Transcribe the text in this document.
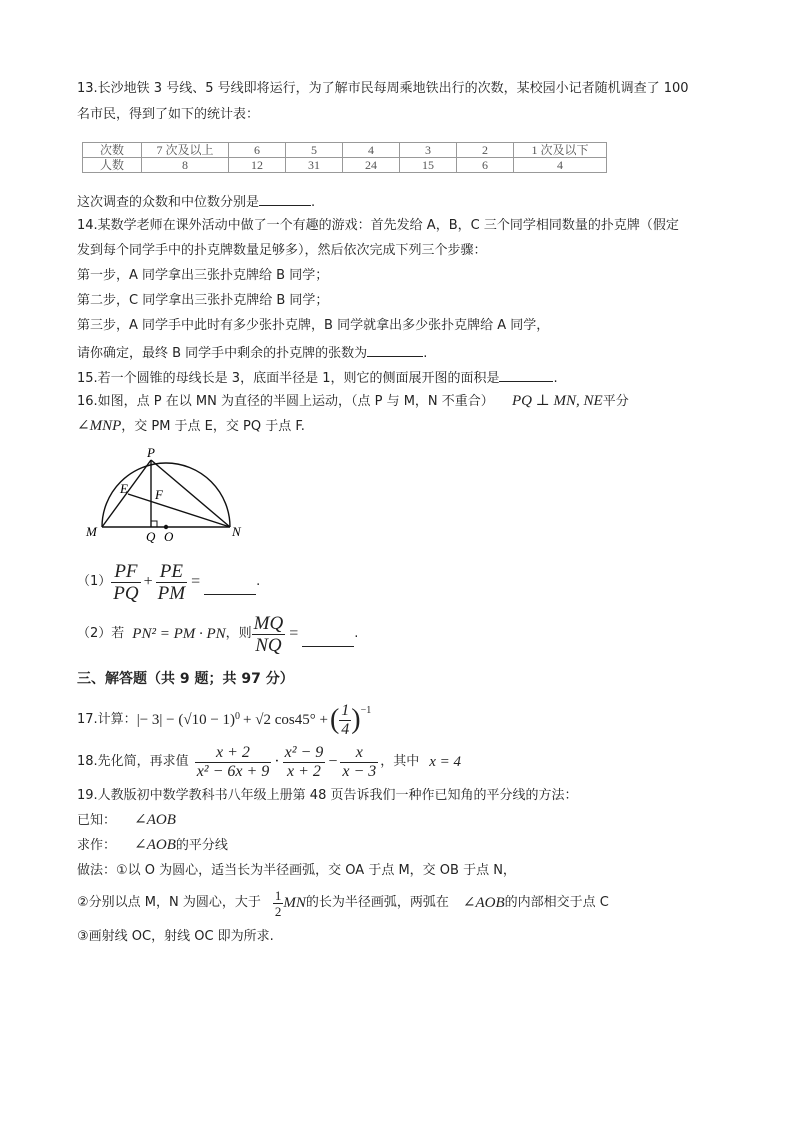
13.长沙地铁 3 号线、5 号线即将运行，为了解市民每周乘地铁出行的次数，某校园小记者随机调查了 100
名市民，得到了如下的统计表：
次数	7 次及以上	6	5	4	3	2	1 次及以下
人数	8	12	31	24	15	6	4
这次调查的众数和中位数分别是	.
14.某数学老师在课外活动中做了一个有趣的游戏：首先发给 A，B，C 三个同学相同数量的扑克牌（假定
发到每个同学手中的扑克牌数量足够多），然后依次完成下列三个步骤：
第一步，A 同学拿出三张扑克牌给 B 同学；
第二步，C 同学拿出三张扑克牌给 B 同学；
第三步，A 同学手中此时有多少张扑克牌，B 同学就拿出多少张扑克牌给 A 同学，
请你确定，最终 B 同学手中剩余的扑克牌的张数为	.
15.若一个圆锥的母线长是 3，底面半径是 1，则它的侧面展开图的面积是	.
16.如图，点 P 在以 MN 为直径的半圆上运动，（点 P 与 M，N 不重合） PQ ⊥ MN, NE平分
∠MNP，交 PM 于点 E，交 PQ 于点 F.
P
E F
M	Q O	N
$(1) \frac{PF}{PQ} + \frac{PE}{PM}$ =	.
（2）若 PN² = PM · PN ，则 $\frac{MQ}{NQ}$ =	.
三、解答题（共 9 题；共 97 分）
17.计算： |− $3| - (√10 - 1)^0 + √2$ cos45° + ( $\frac{1}{4} )^{-1}$
18.先化简，再求值 $\frac{x + 2}{\text{x² − 6x + 9}} \cdot \frac{\text{x² − 9}}{x + 2} - \frac{x}{x - 3}$ ，其中 x = 4
19.人教版初中数学教科书八年级上册第 48 页告诉我们一种作已知角的平分线的方法：
已知： ∠AOB
求作： ∠AOB的平分线
做法：①以 O 为圆心，适当长为半径画弧，交 OA 于点 M，交 OB 于点 N，
②分别以点 M，N 为圆心，大于 $\frac{1}{2}$ MN 的长为半径画弧，两弧在 ∠AOB 的内部相交于点 C
③画射线 OC，射线 OC 即为所求.
